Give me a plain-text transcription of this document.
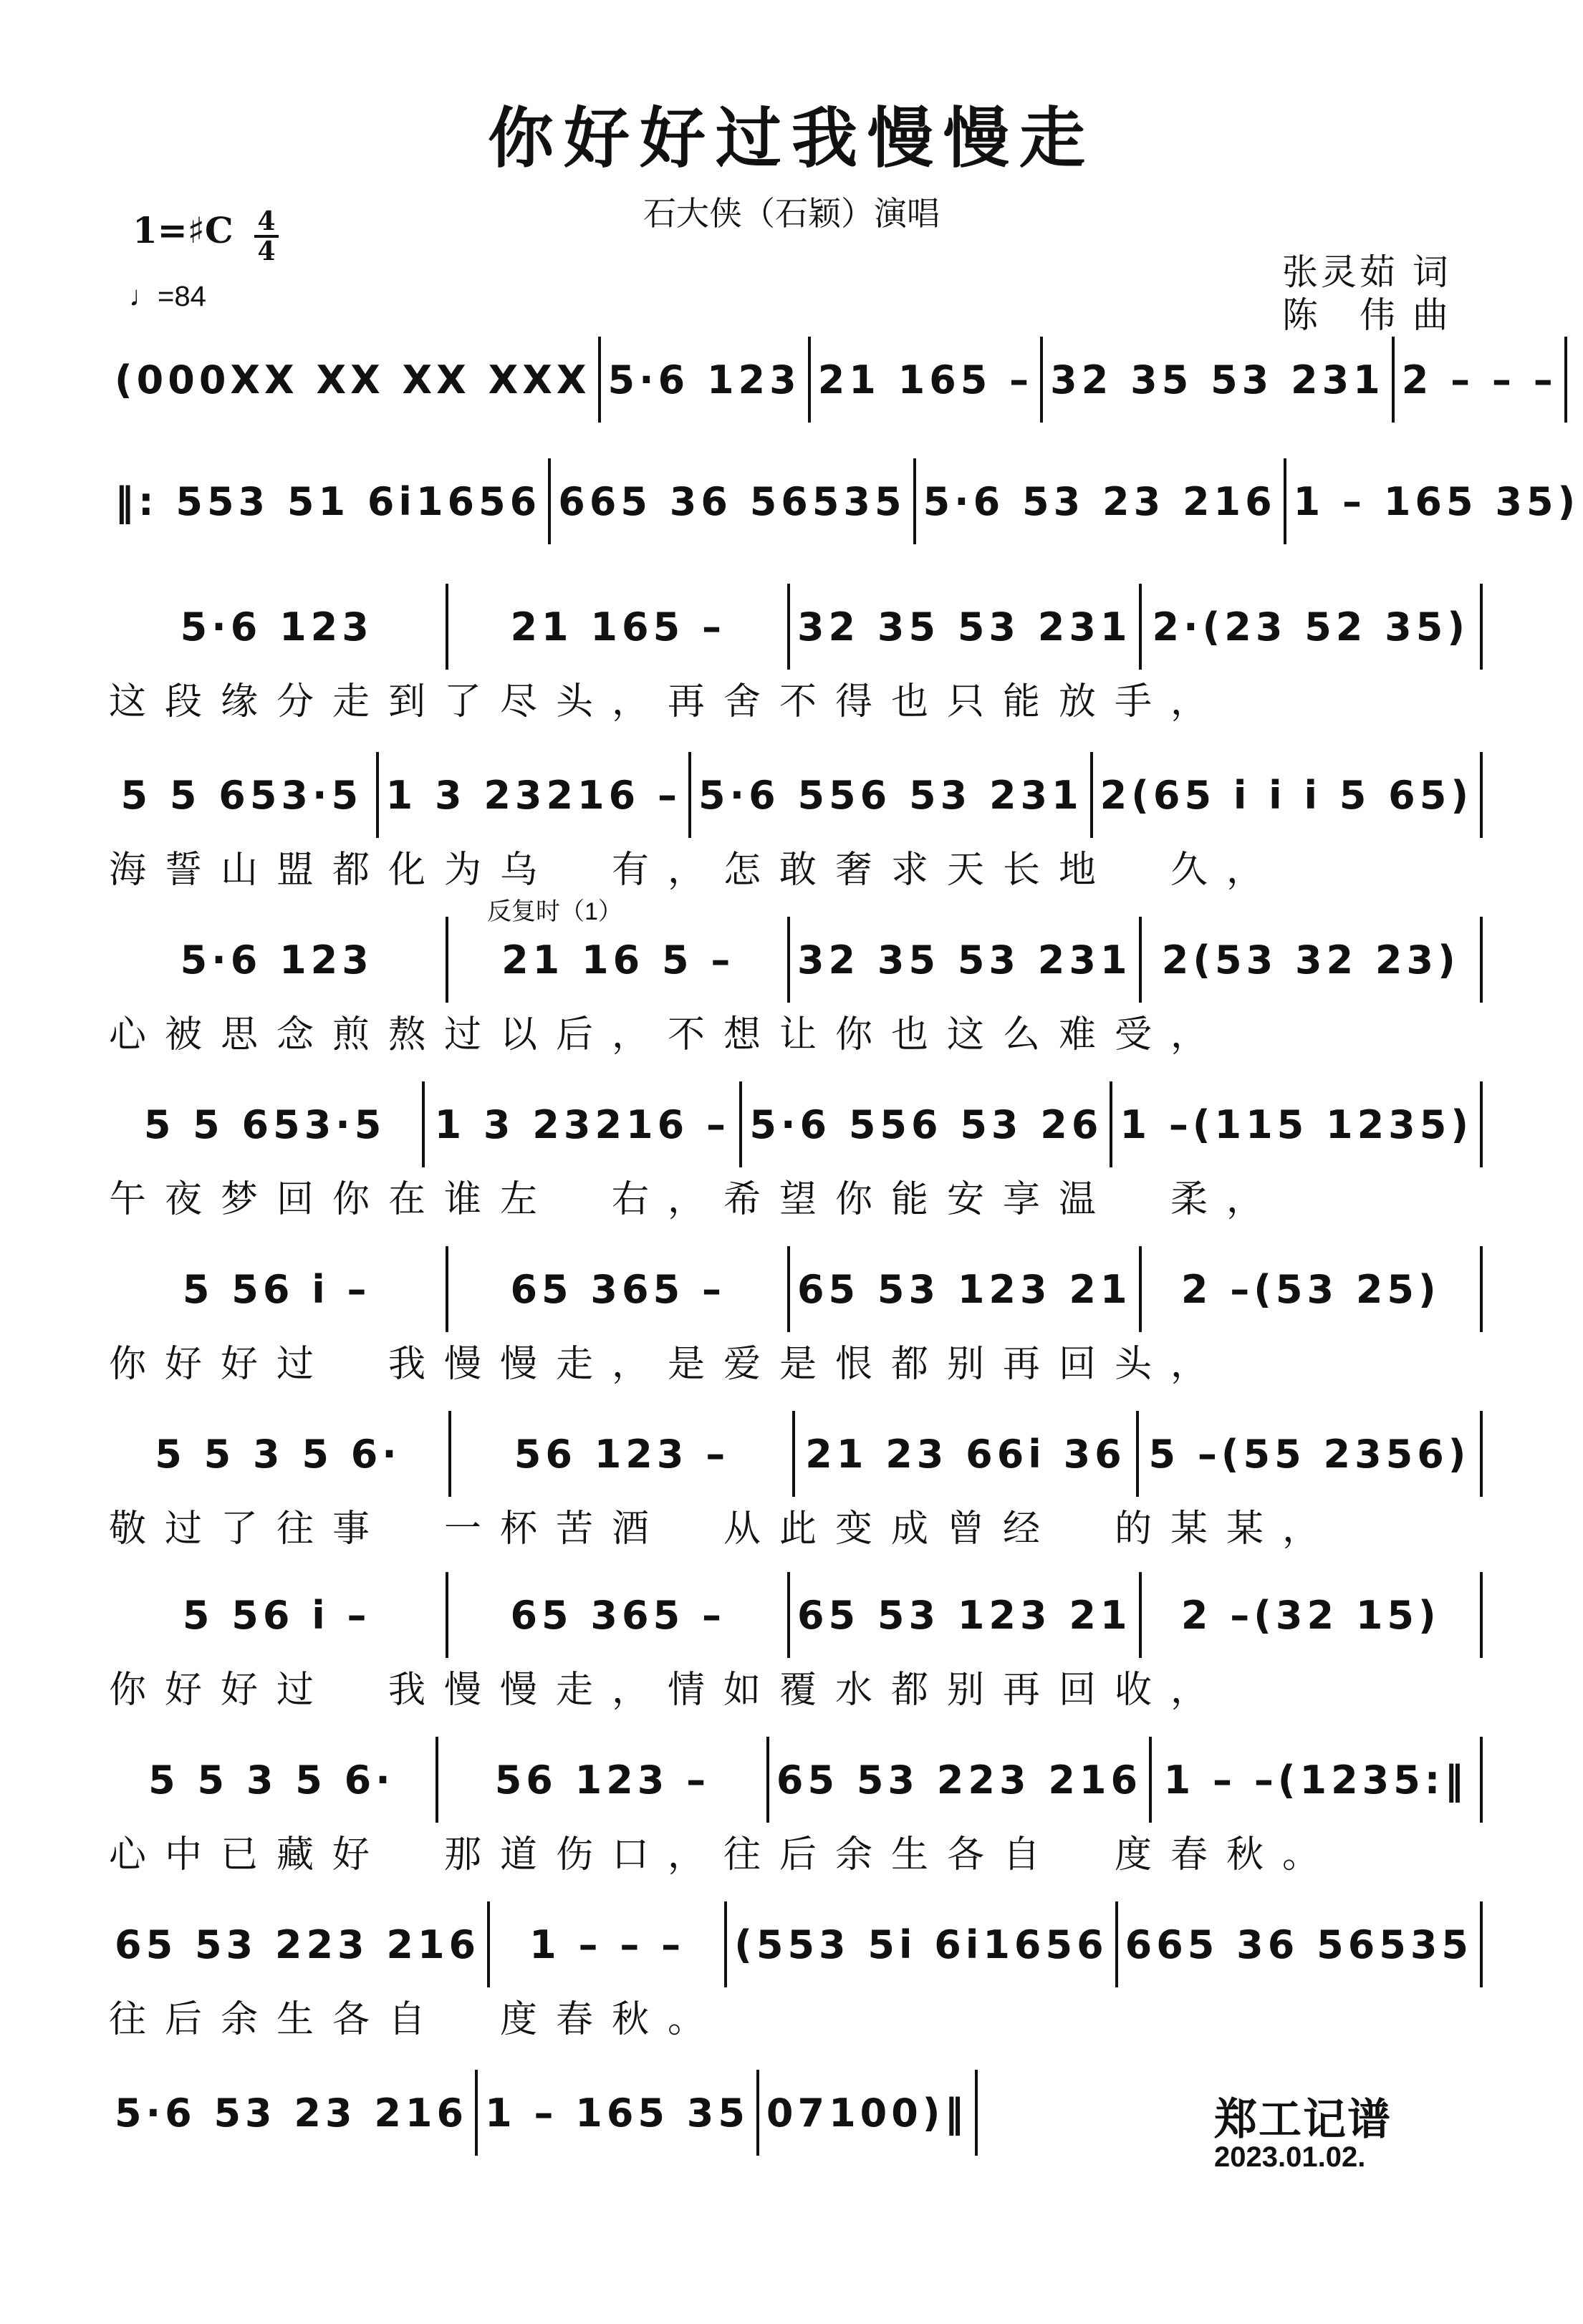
你好好过我慢慢走
石大侠（石颖）演唱
1=♯C 4
4
♩=84
张灵茹 词
陈　伟 曲
反复时（1）
(000XX XX XX XXX 5·6 123 21 165 – 32 35 53 231 2 – – –
‖: 553 51 6i1656 665 36 56535 5·6 53 23 216 1 – 165 35)
5·6 123	21 165 – 32 35 53 231 2·(23 52 35)
这段缘分走到了尽头，再舍不得也只能放手，
5 5 653·5 1 3 23216 – 5·6 556 53 231 2(65 i i i 5 65)
海誓山盟都化为乌　有，怎敢奢求天长地　久，
5·6 123	21 16 5 – 32 35 53 231 2(53 32 23)
心被思念煎熬过以后，不想让你也这么难受，
5 5 653·5 1 3 23216 – 5·6 556 53 26 1 –(115 1235)
午夜梦回你在谁左　右，希望你能安享温　柔，
5 56 i –	65 365 – 65 53 123 21 2 –(53 25)
你好好过　我慢慢走，是爱是恨都别再回头，
5 5 3 5 6·	56 123 – 21 23 66i 36 5 –(55 2356)
敬过了往事　一杯苦酒　从此变成曾经　的某某，
5 56 i –	65 365 – 65 53 123 21 2 –(32 15)
你好好过　我慢慢走，情如覆水都别再回收，
5 5 3 5 6·	56 123 – 65 53 223 216 1 – –(1235:‖
心中已藏好　那道伤口，往后余生各自　度春秋。
65 53 223 216 1 – – – (553 5i 6i1656 665 36 56535
往后余生各自　度春秋。
5·6 53 23 216 1 – 165 35 07100)‖	郑工记谱
2023.01.02.
